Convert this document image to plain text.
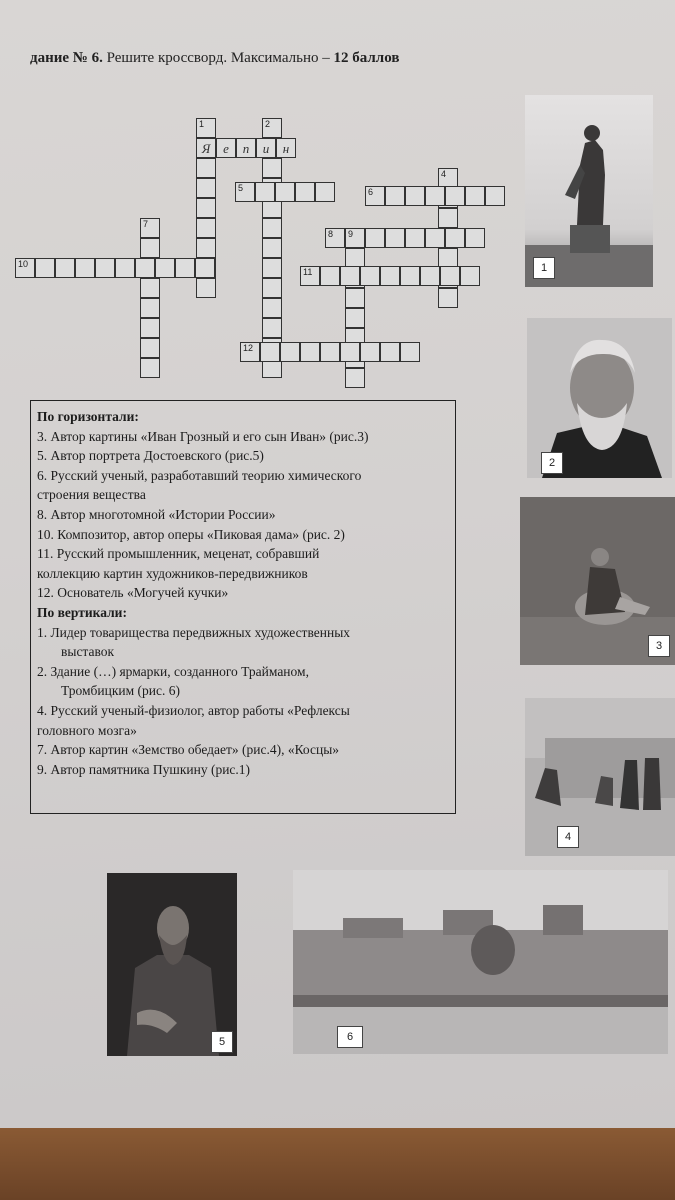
дание № 6. Решите кросcворд. Максимально – 12 баллов
1
Я
2
7
4
9
е	п	и	н
5	6
8
10
11
12
По горизонтали:
3. Автор картины «Иван Грозный и его сын Иван» (рис.3)
5. Автор портрета Достоевского (рис.5)
6. Русский ученый, разработавший теорию химического
строения вещества
8. Автор многотомной «Истории России»
10. Композитор, автор оперы «Пиковая дама» (рис. 2)
11. Русский промышленник, меценат, собравший
коллекцию картин художников-передвижников
12. Основатель «Могучей кучки»
По вертикали:
1. Лидер товарищества передвижных художественных
выставок
2. Здание (…) ярмарки, созданного Трайманом,
Тромбицким (рис. 6)
4. Русский ученый-физиолог, автор работы «Рефлексы
головного мозга»
7. Автор картин «Земство обедает» (рис.4), «Косцы»
9. Автор памятника Пушкину (рис.1)
1
2
3
4
5	6
